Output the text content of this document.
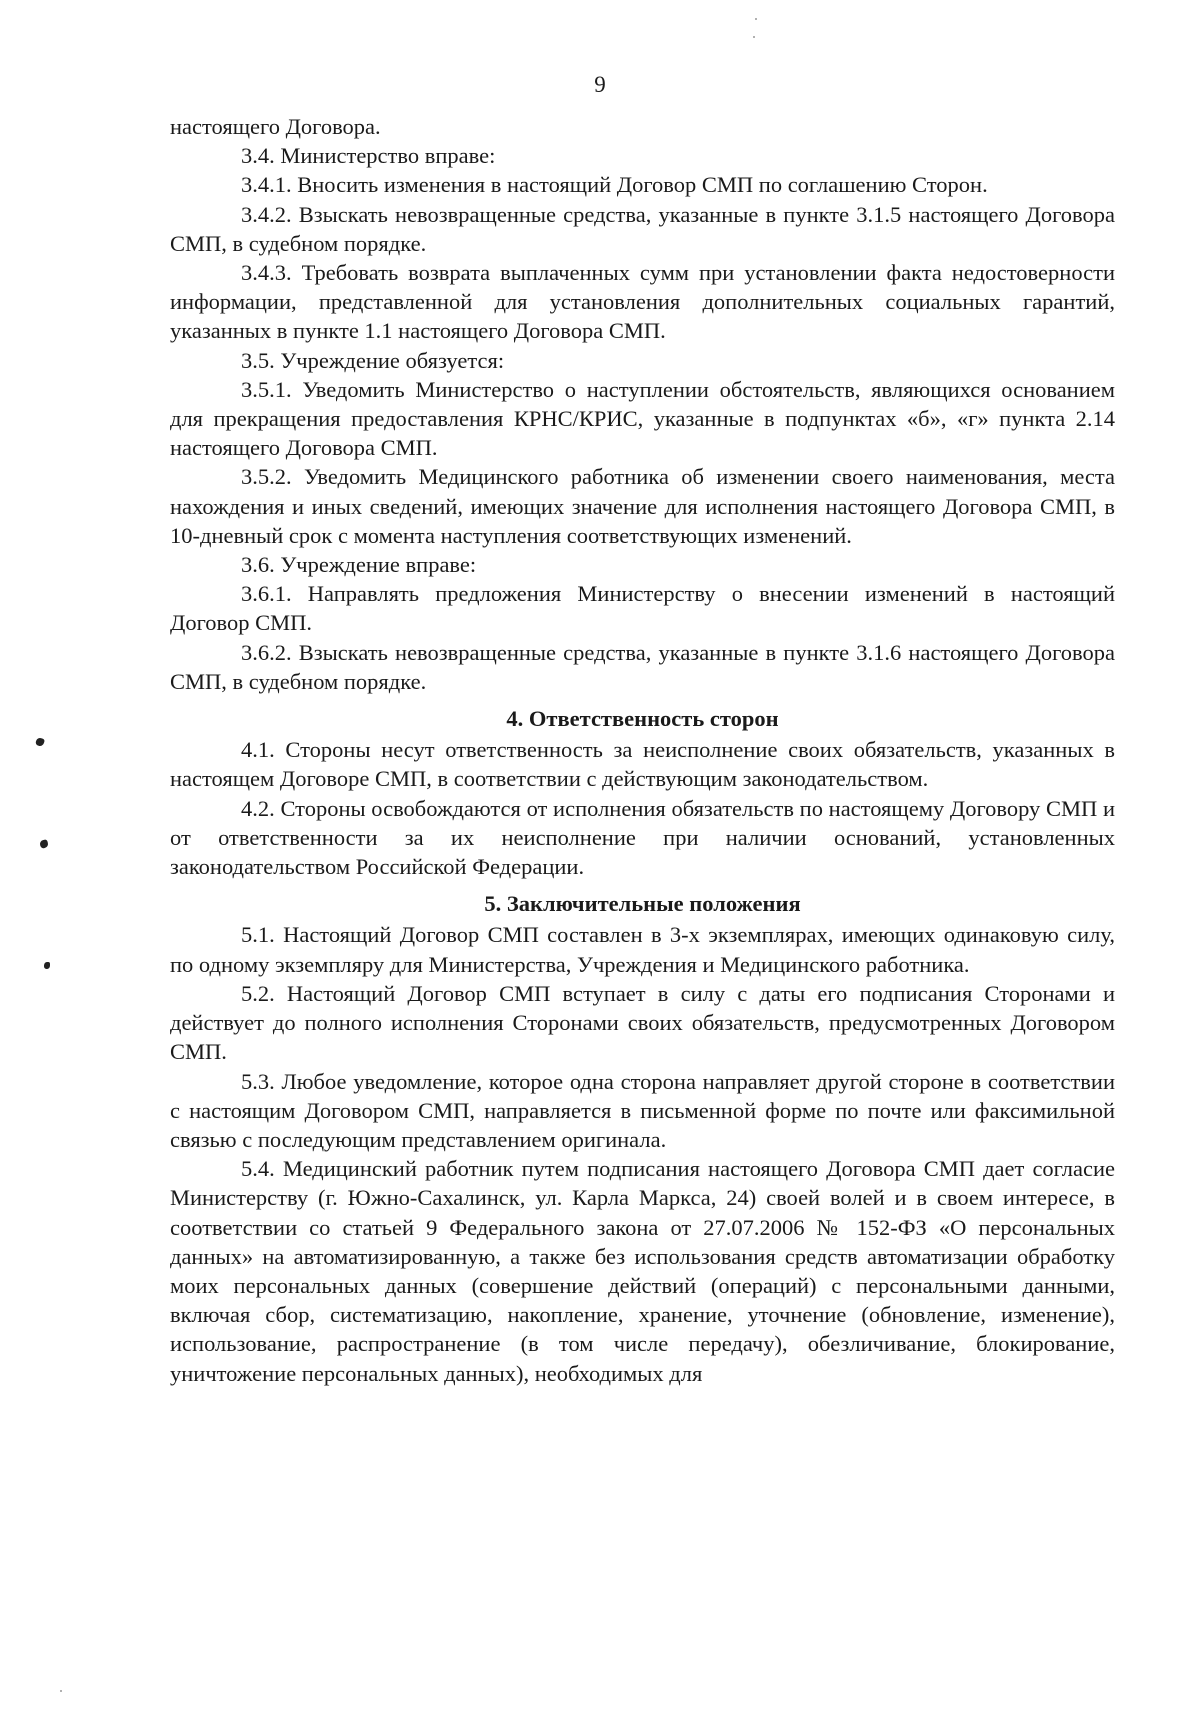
9

настоящего Договора.

3.4. Министерство вправе:

3.4.1. Вносить изменения в настоящий Договор СМП по соглашению Сторон.

3.4.2. Взыскать невозвращенные средства, указанные в пункте 3.1.5 настоящего Договора СМП, в судебном порядке.

3.4.3. Требовать возврата выплаченных сумм при установлении факта недостоверности информации, представленной для установления дополнительных социальных гарантий, указанных в пункте 1.1 настоящего Договора СМП.

3.5. Учреждение обязуется:

3.5.1. Уведомить Министерство о наступлении обстоятельств, являющихся основанием для прекращения предоставления КРНС/КРИС, указанные в подпунктах «б», «г» пункта 2.14 настоящего Договора СМП.

3.5.2. Уведомить Медицинского работника об изменении своего наименования, места нахождения и иных сведений, имеющих значение для исполнения настоящего Договора СМП, в 10-дневный срок с момента наступления соответствующих изменений.

3.6. Учреждение вправе:

3.6.1. Направлять предложения Министерству о внесении изменений в настоящий Договор СМП.

3.6.2. Взыскать невозвращенные средства, указанные в пункте 3.1.6 настоящего Договора СМП, в судебном порядке.

4. Ответственность сторон

4.1. Стороны несут ответственность за неисполнение своих обязательств, указанных в настоящем Договоре СМП, в соответствии с действующим законодательством.

4.2. Стороны освобождаются от исполнения обязательств по настоящему Договору СМП и от ответственности за их неисполнение при наличии оснований, установленных законодательством Российской Федерации.

5. Заключительные положения

5.1. Настоящий Договор СМП составлен в 3-х экземплярах, имеющих одинаковую силу, по одному экземпляру для Министерства, Учреждения и Медицинского работника.

5.2. Настоящий Договор СМП вступает в силу с даты его подписания Сторонами и действует до полного исполнения Сторонами своих обязательств, предусмотренных Договором СМП.

5.3. Любое уведомление, которое одна сторона направляет другой стороне в соответствии с настоящим Договором СМП, направляется в письменной форме по почте или факсимильной связью с последующим представлением оригинала.

5.4. Медицинский работник путем подписания настоящего Договора СМП дает согласие Министерству (г. Южно-Сахалинск, ул. Карла Маркса, 24) своей волей и в своем интересе, в соответствии со статьей 9 Федерального закона от 27.07.2006 № 152-ФЗ «О персональных данных» на автоматизированную, а также без использования средств автоматизации обработку моих персональных данных (совершение действий (операций) с персональными данными, включая сбор, систематизацию, накопление, хранение, уточнение (обновление, изменение), использование, распространение (в том числе передачу), обезличивание, блокирование, уничтожение персональных данных), необходимых для
